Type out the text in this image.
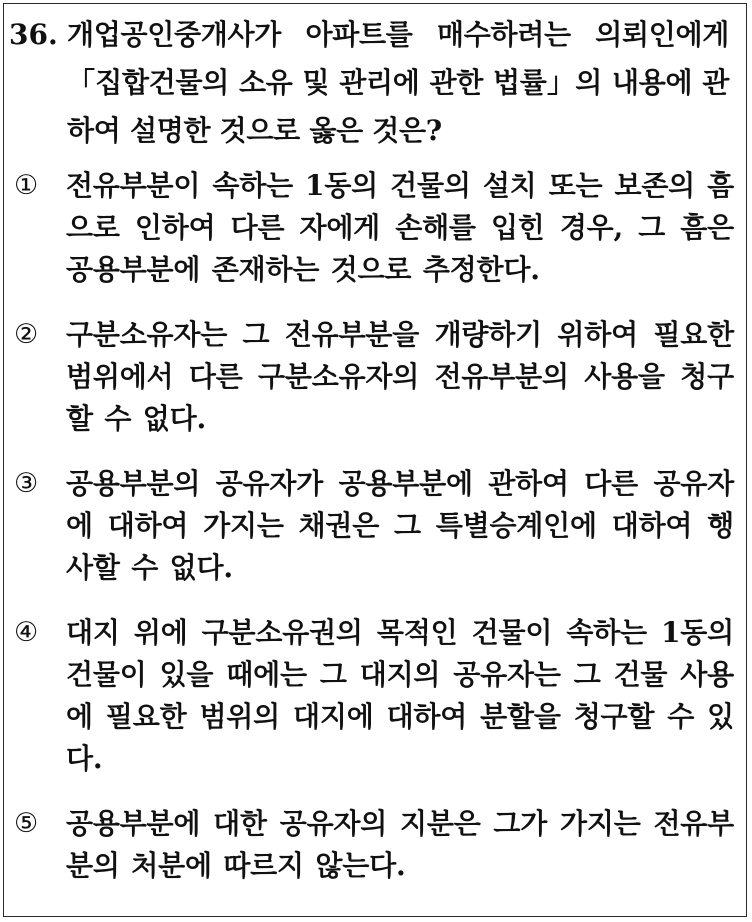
36. 개업공인중개사가 아파트를 매수하려는 의뢰인에게 「집합건물의 소유 및 관리에 관한 법률」의 내용에 관하여 설명한 것으로 옳은 것은?
① 전유부분이 속하는 1동의 건물의 설치 또는 보존의 흠으로 인하여 다른 자에게 손해를 입힌 경우, 그 흠은 공용부분에 존재하는 것으로 추정한다.
② 구분소유자는 그 전유부분을 개량하기 위하여 필요한 범위에서 다른 구분소유자의 전유부분의 사용을 청구할 수 없다.
③ 공용부분의 공유자가 공용부분에 관하여 다른 공유자에 대하여 가지는 채권은 그 특별승계인에 대하여 행사할 수 없다.
④ 대지 위에 구분소유권의 목적인 건물이 속하는 1동의 건물이 있을 때에는 그 대지의 공유자는 그 건물 사용에 필요한 범위의 대지에 대하여 분할을 청구할 수 있다.
⑤ 공용부분에 대한 공유자의 지분은 그가 가지는 전유부분의 처분에 따르지 않는다.
